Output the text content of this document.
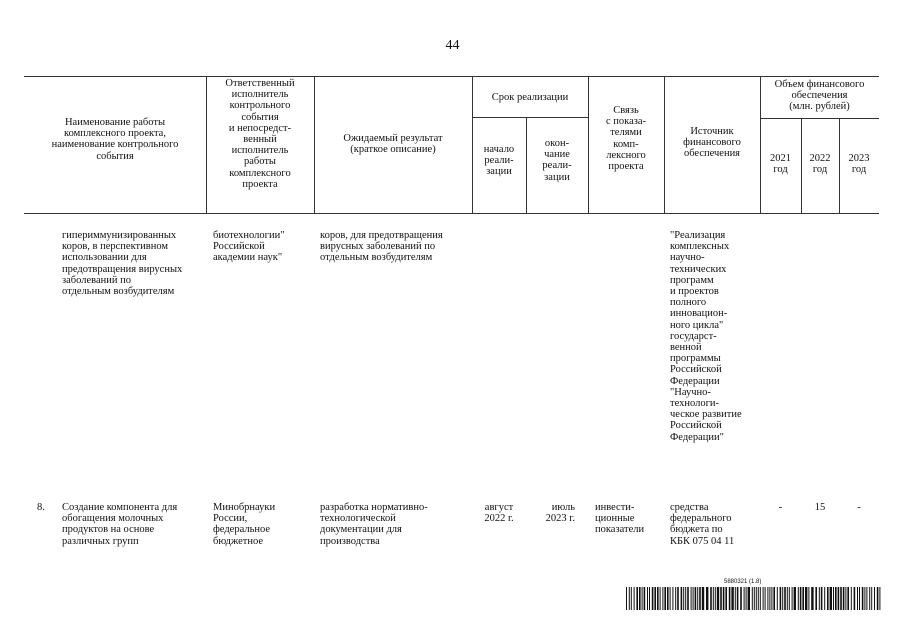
44
Наименование работы
комплексного проекта,
наименование контрольного
события
Ответственный
исполнитель
контрольного
события
и непосредст-
венный
исполнитель
работы
комплексного
проекта
Ожидаемый результат
(краткое описание)
Срок реализации
начало
реали-
зации
окон-
чание
реали-
зации
Связь
с показа-
телями
комп-
лексного
проекта
Источник
финансового
обеспечения
Объем финансового
обеспечения
(млн. рублей)
2021
год
2022
год
2023
год
гипериммунизированных
коров, в перспективном
использовании для
предотвращения вирусных
заболеваний по
отдельным возбудителям
биотехнологии"
Российской
академии наук"
коров, для предотвращения
вирусных заболеваний по
отдельным возбудителям
"Реализация
комплексных
научно-
технических
программ
и проектов
полного
инновацион-
ного цикла"
государст-
венной
программы
Российской
Федерации
"Научно-
технологи-
ческое развитие
Российской
Федерации"
8. Создание компонента для
обогащения молочных
продуктов на основе
различных групп
Минобрнауки
России,
федеральное
бюджетное
разработка нормативно-
технологической
документации для
производства
август
2022 г.
июль
2023 г.
инвести-
ционные
показатели
средства
федерального
бюджета по
КБК 075 04 11
-	15	-
5880321 (1.8)
